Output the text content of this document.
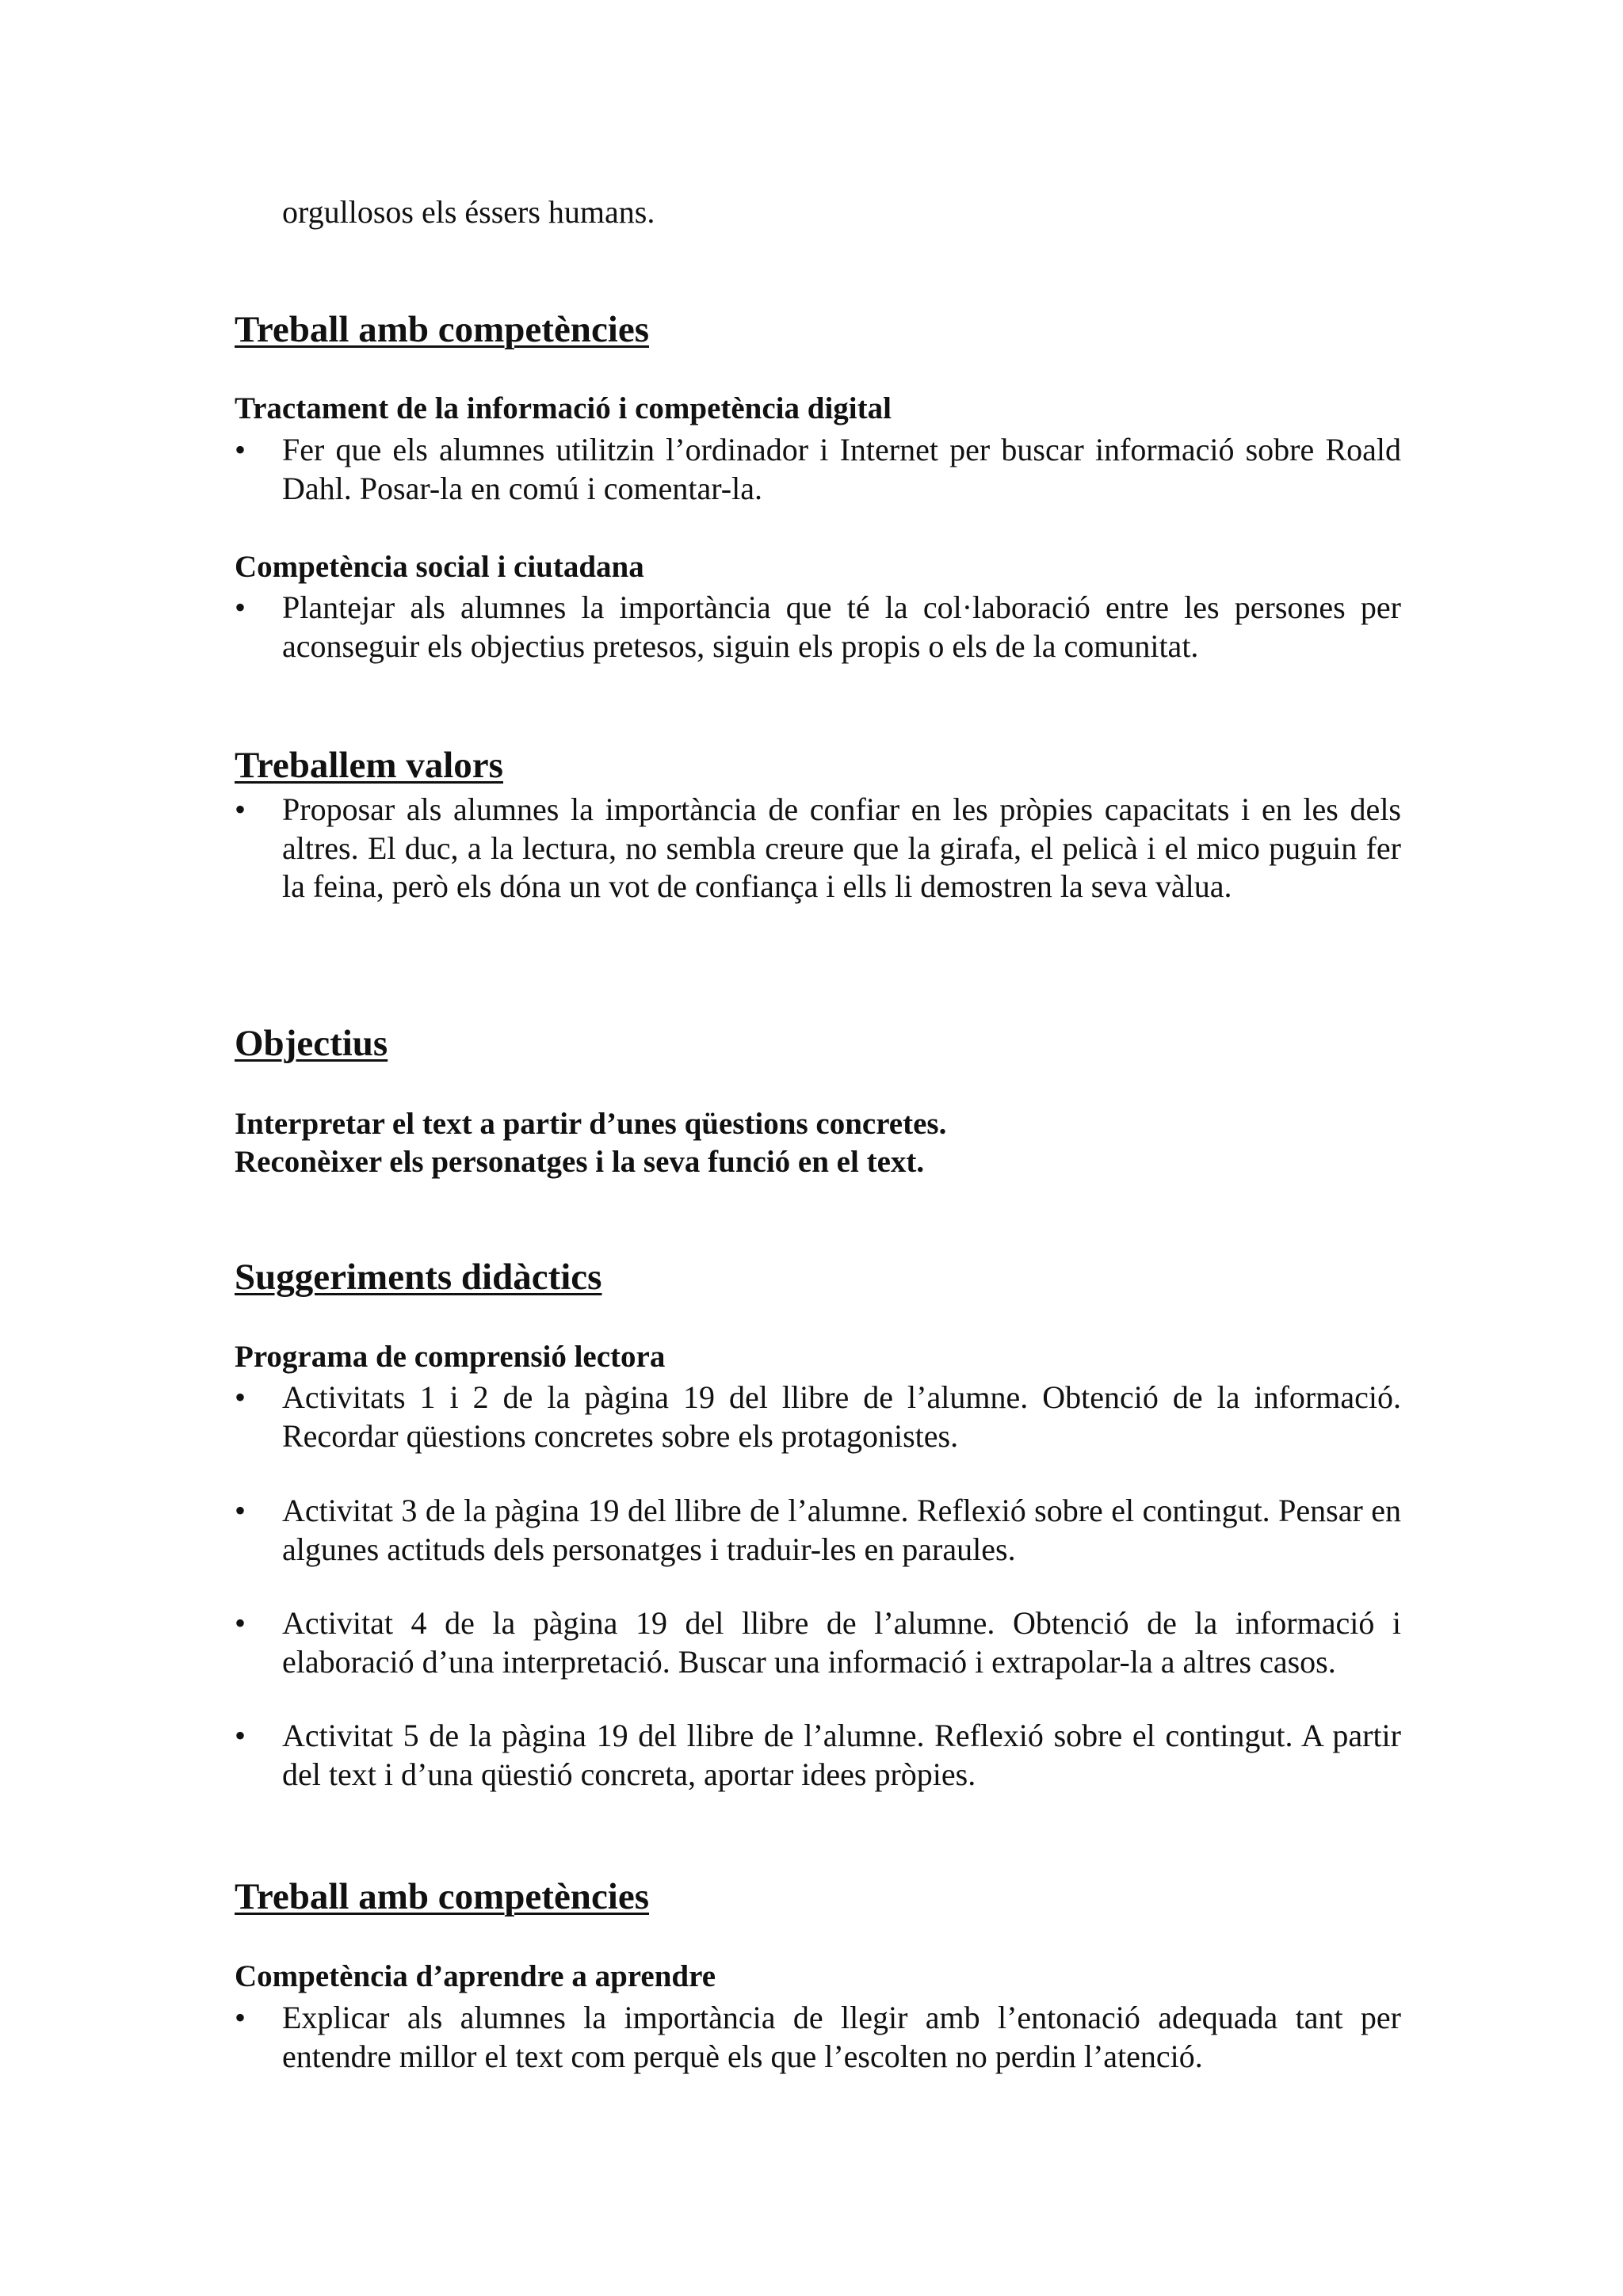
orgullosos els éssers humans.
Treball amb competències
Tractament de la informació i competència digital
•	Fer que els alumnes utilitzin l’ordinador i Internet per buscar informació sobre Roald Dahl. Posar-la en comú i comentar-la.
Competència social i ciutadana
•	Plantejar als alumnes la importància que té la col·laboració entre les persones per aconseguir els objectius pretesos, siguin els propis o els de la comunitat.
Treballem valors
•	Proposar als alumnes la importància de confiar en les pròpies capacitats i en les dels altres. El duc, a la lectura, no sembla creure que la girafa, el pelicà i el mico puguin fer la feina, però els dóna un vot de confiança i ells li demostren la seva vàlua.
Objectius

Interpretar el text a partir d’unes qüestions concretes.

Reconèixer els personatges i la seva funció en el text.

Suggeriments didàctics
Programa de comprensió lectora
•	Activitats 1 i 2 de la pàgina 19 del llibre de l’alumne. Obtenció de la informació. Recordar qüestions concretes sobre els protagonistes.
•	Activitat 3 de la pàgina 19 del llibre de l’alumne. Reflexió sobre el contingut. Pensar en algunes actituds dels personatges i traduir-les en paraules.
•	Activitat 4 de la pàgina 19 del llibre de l’alumne. Obtenció de la informació i elaboració d’una interpretació. Buscar una informació i extrapolar-la a altres casos.
•	Activitat 5 de la pàgina 19 del llibre de l’alumne. Reflexió sobre el contingut. A partir del text i d’una qüestió concreta, aportar idees pròpies.
Treball amb competències
Competència d’aprendre a aprendre
•	Explicar als alumnes la importància de llegir amb l’entonació adequada tant per entendre millor el text com perquè els que l’escolten no perdin l’atenció.
